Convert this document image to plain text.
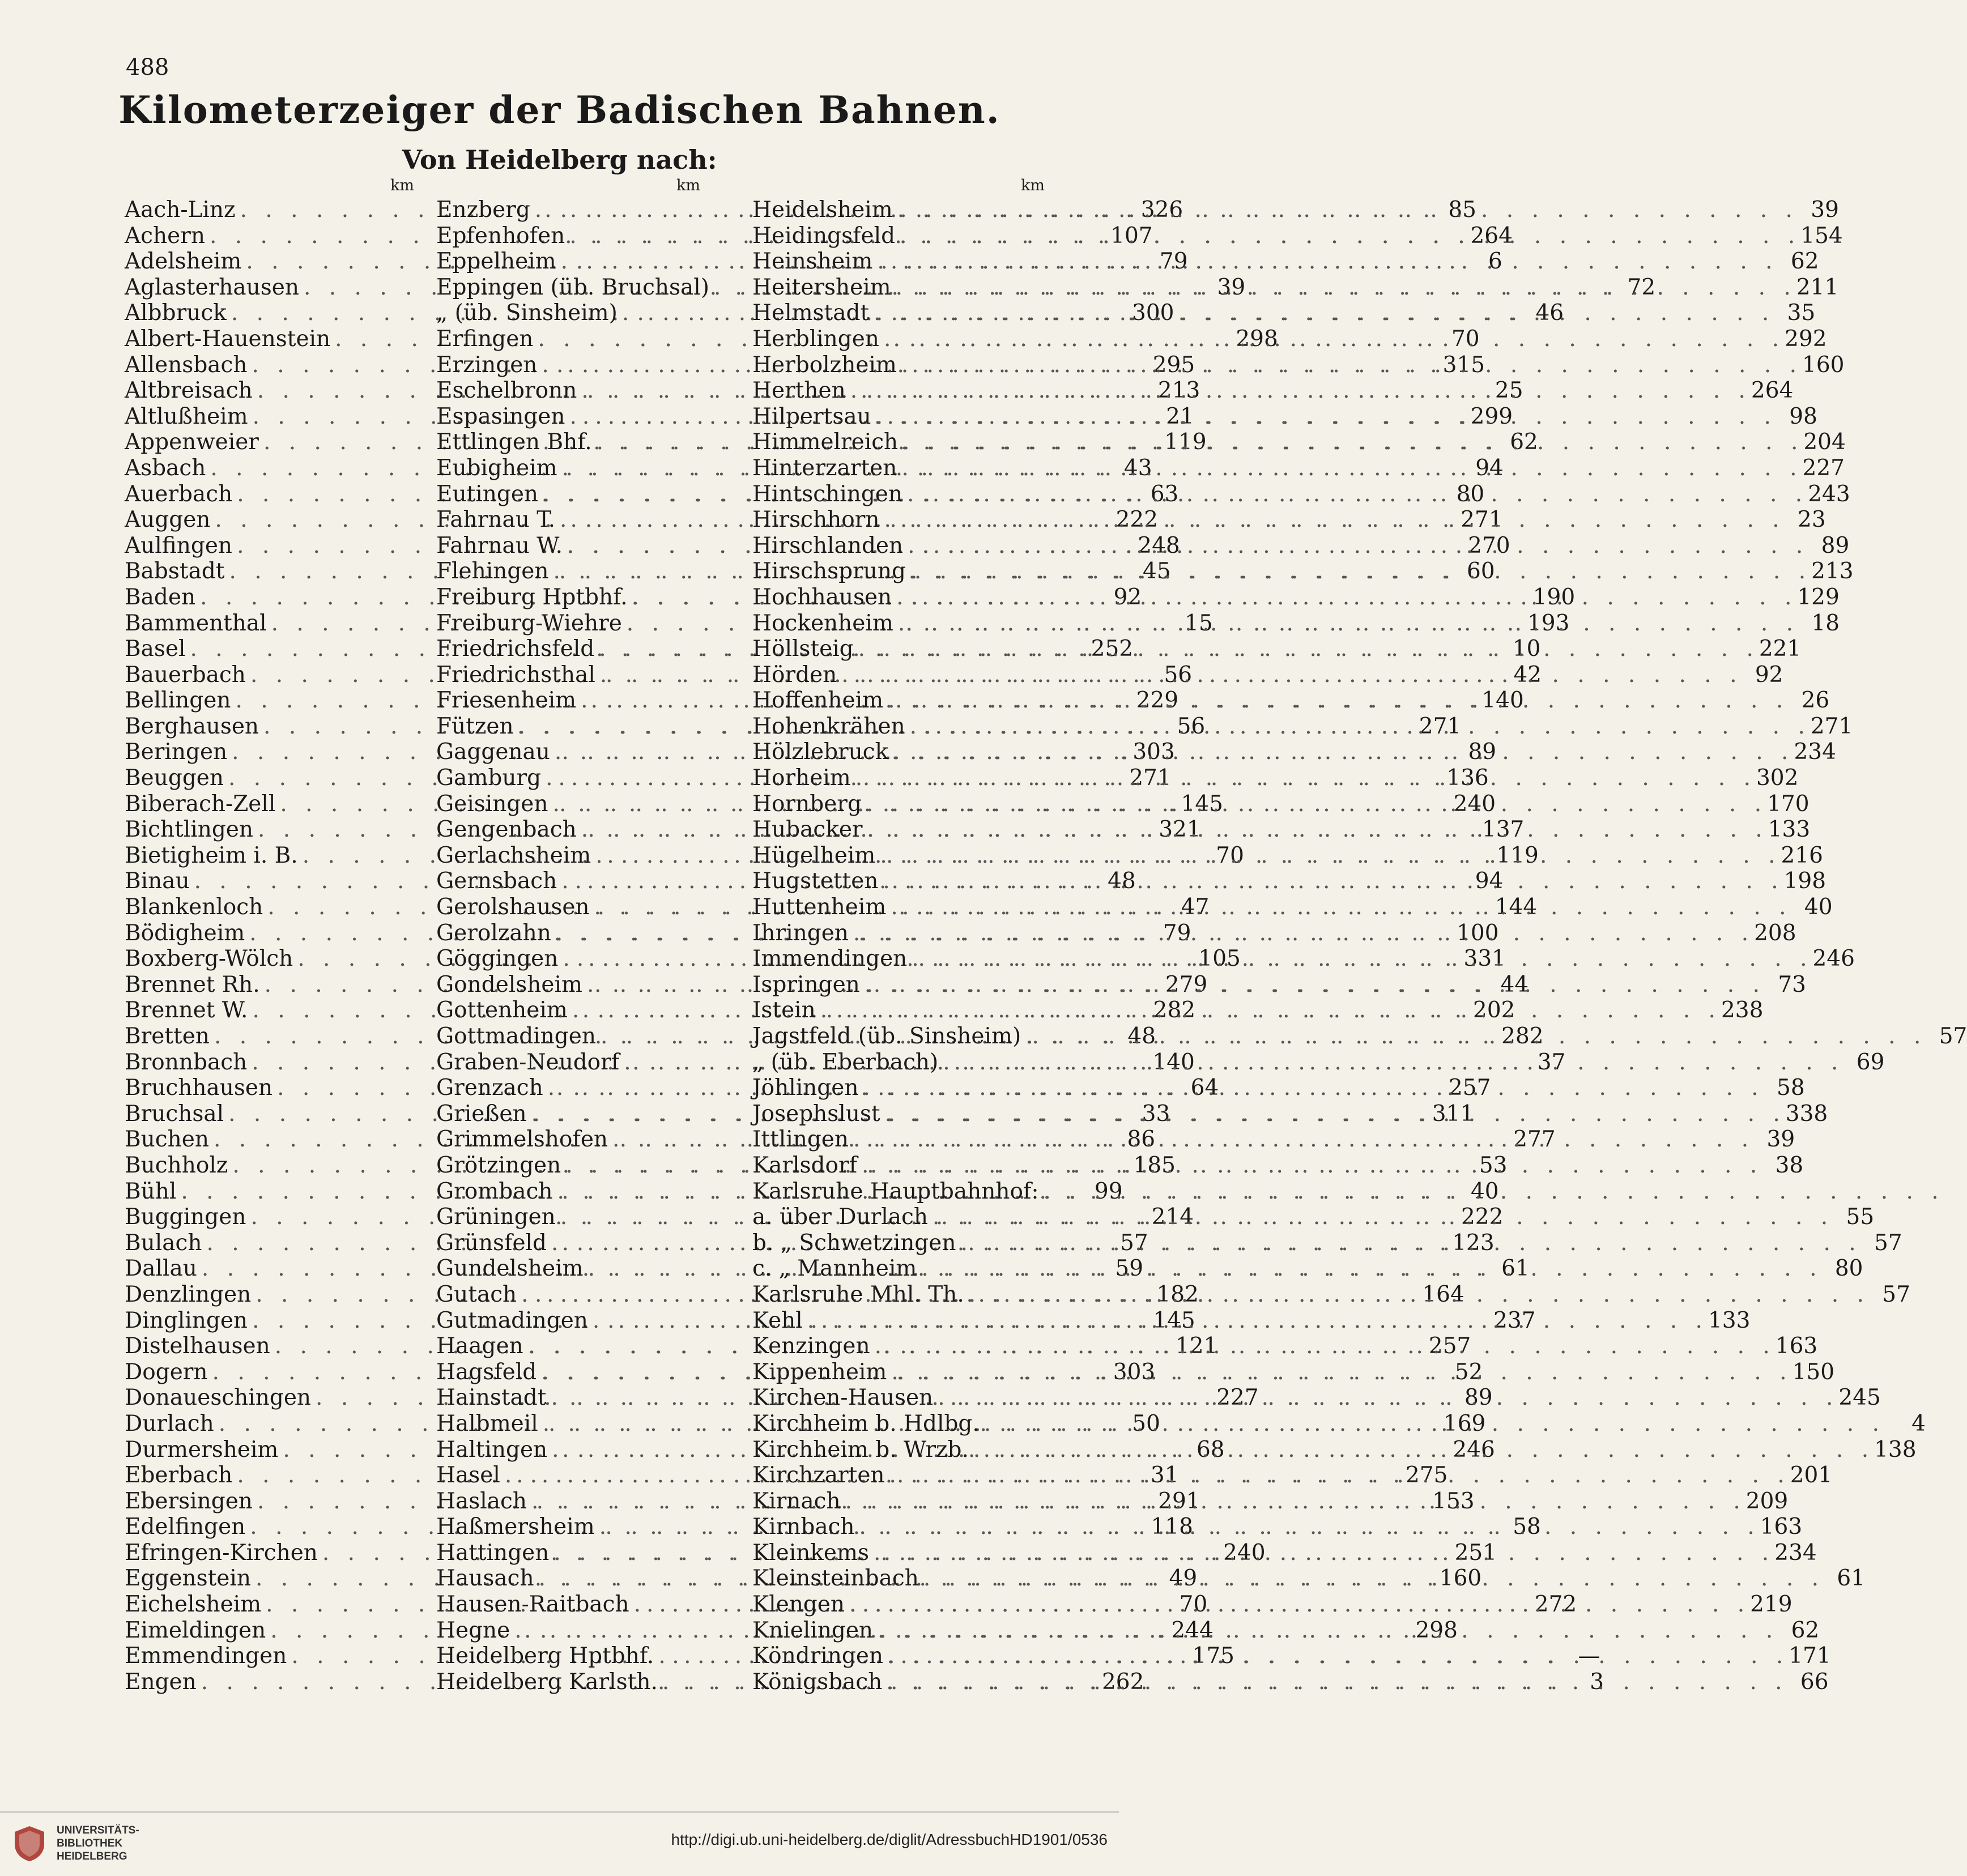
488
Kilometerzeiger der Badischen Bahnen.
Von Heidelberg nach:
km
Aach-Linz . . .	326
Achern . . .	107
Adelsheim . . .	79
Aglasterhausen . . .	39
Albbruck . . .	300
Albert-Hauenstein . . .	298
Allensbach . . .	295
Altbreisach . . .	213
Altlußheim . . .	21
Appenweier . . .	119
Asbach . . .	43
Auerbach . . .	63
Auggen . . .	222
Aulfingen . . .	248
Babstadt . . .	45
Baden . . .	92
Bammenthal . . .	15
Basel . . .	252
Bauerbach . . .	56
Bellingen . . .	229
Berghausen . . .	56
Beringen . . .	303
Beuggen . . .	271
Biberach-Zell . . .	145
Bichtlingen . . .	321
Bietigheim i. B. . . .	70
Binau . . .	48
Blankenloch . . .	47
Bödigheim . . .	79
Boxberg-Wölch . . .	105
Brennet Rh. . . .	279
Brennet W. . . .	282
Bretten . . .	48
Bronnbach . . .	140
Bruchhausen . . .	64
Bruchsal . . .	33
Buchen . . .	86
Buchholz . . .	185
Bühl . . .	99
Buggingen . . .	214
Bulach . . .	57
Dallau . . .	59
Denzlingen . . .	182
Dinglingen . . .	145
Distelhausen . . .	121
Dogern . . .	303
Donaueschingen . . .	227
Durlach . . .	50
Durmersheim . . .	68
Eberbach . . .	31
Ebersingen . . .	291
Edelfingen . . .	118
Efringen-Kirchen . . .	240
Eggenstein . . .	49
Eichelsheim . . .	70
Eimeldingen . . .	244
Emmendingen . . .	175
Engen . . .	262
km
Enzberg . . .	85
Epfenhofen . . .	264
Eppelheim . . .	6
Eppingen (üb. Bruchsal) . . .	72
„ (üb. Sinsheim) . . .	46
Erfingen . . .	70
Erzingen . . .	315
Eschelbronn . . .	25
Espasingen . . .	299
Ettlingen Bhf. . . .	62
Eubigheim . . .	94
Eutingen . . .	80
Fahrnau T. . . .	271
Fahrnau W. . . .	270
Flehingen . . .	60
Freiburg Hptbhf. . . .	190
Freiburg-Wiehre . . .	193
Friedrichsfeld . . .	10
Friedrichsthal . . .	42
Friesenheim . . .	140
Fützen . . .	271
Gaggenau . . .	89
Gamburg . . .	136
Geisingen . . .	240
Gengenbach . . .	137
Gerlachsheim . . .	119
Gernsbach . . .	94
Gerolshausen . . .	144
Gerolzahn . . .	100
Göggingen . . .	331
Gondelsheim . . .	44
Gottenheim . . .	202
Gottmadingen . . .	282
Graben-Neudorf . . .	37
Grenzach . . .	257
Grießen . . .	311
Grimmelshofen . . .	277
Grötzingen . . .	53
Grombach . . .	40
Grüningen . . .	222
Grünsfeld . . .	123
Gundelsheim . . .	61
Gutach . . .	164
Gutmadingen . . .	237
Haagen . . .	257
Hagsfeld . . .	52
Hainstadt . . .	89
Halbmeil . . .	169
Haltingen . . .	246
Hasel . . .	275
Haslach . . .	153
Haßmersheim . . .	58
Hattingen . . .	251
Hausach . . .	160
Hausen-Raitbach . . .	272
Hegne . . .	298
Heidelberg Hptbhf. . . .	—
Heidelberg Karlsth. . . .	3
km
Heidelsheim . . .	39
Heidingsfeld . . .	154
Heinsheim . . .	62
Heitersheim . . .	211
Helmstadt . . .	35
Herblingen . . .	292
Herbolzheim . . .	160
Herthen . . .	264
Hilpertsau . . .	98
Himmelreich . . .	204
Hinterzarten . . .	227
Hintschingen . . .	243
Hirschhorn . . .	23
Hirschlanden . . .	89
Hirschsprung . . .	213
Hochhausen . . .	129
Hockenheim . . .	18
Höllsteig . . .	221
Hörden . . .	92
Hoffenheim . . .	26
Hohenkrähen . . .	271
Hölzlebruck . . .	234
Horheim . . .	302
Hornberg . . .	170
Hubacker . . .	133
Hügelheim . . .	216
Hugstetten . . .	198
Huttenheim . . .	40
Ihringen . . .	208
Immendingen . . .	246
Ispringen . . .	73
Istein . . .	238
Jagstfeld (üb. Sinsheim) . . .	57
„ (üb. Eberbach) . . .	69
Jöhlingen . . .	58
Josephslust . . .	338
Ittlingen . . .	39
Karlsdorf . . .	38
Karlsruhe Hauptbahnhof:
. . .
a. über Durlach . . .	55
b. „ Schwetzingen . . .	57
c. „ Mannheim . . .	80
Karlsruhe Mhl. Th. . . .	57
Kehl . . .	133
Kenzingen . . .	163
Kippenheim . . .	150
Kirchen-Hausen . . .	245
Kirchheim b. Hdlbg. . . .	4
Kirchheim b. Wrzb. . . .	138
Kirchzarten . . .	201
Kirnach . . .	209
Kirnbach . . .	163
Kleinkems . . .	234
Kleinsteinbach . . .	61
Klengen . . .	219
Knielingen . . .	62
Köndringen . . .	171
Königsbach . . .	66
UNIVERSITÄTS-
BIBLIOTHEK
HEIDELBERG
http://digi.ub.uni-heidelberg.de/diglit/AdressbuchHD1901/0536
